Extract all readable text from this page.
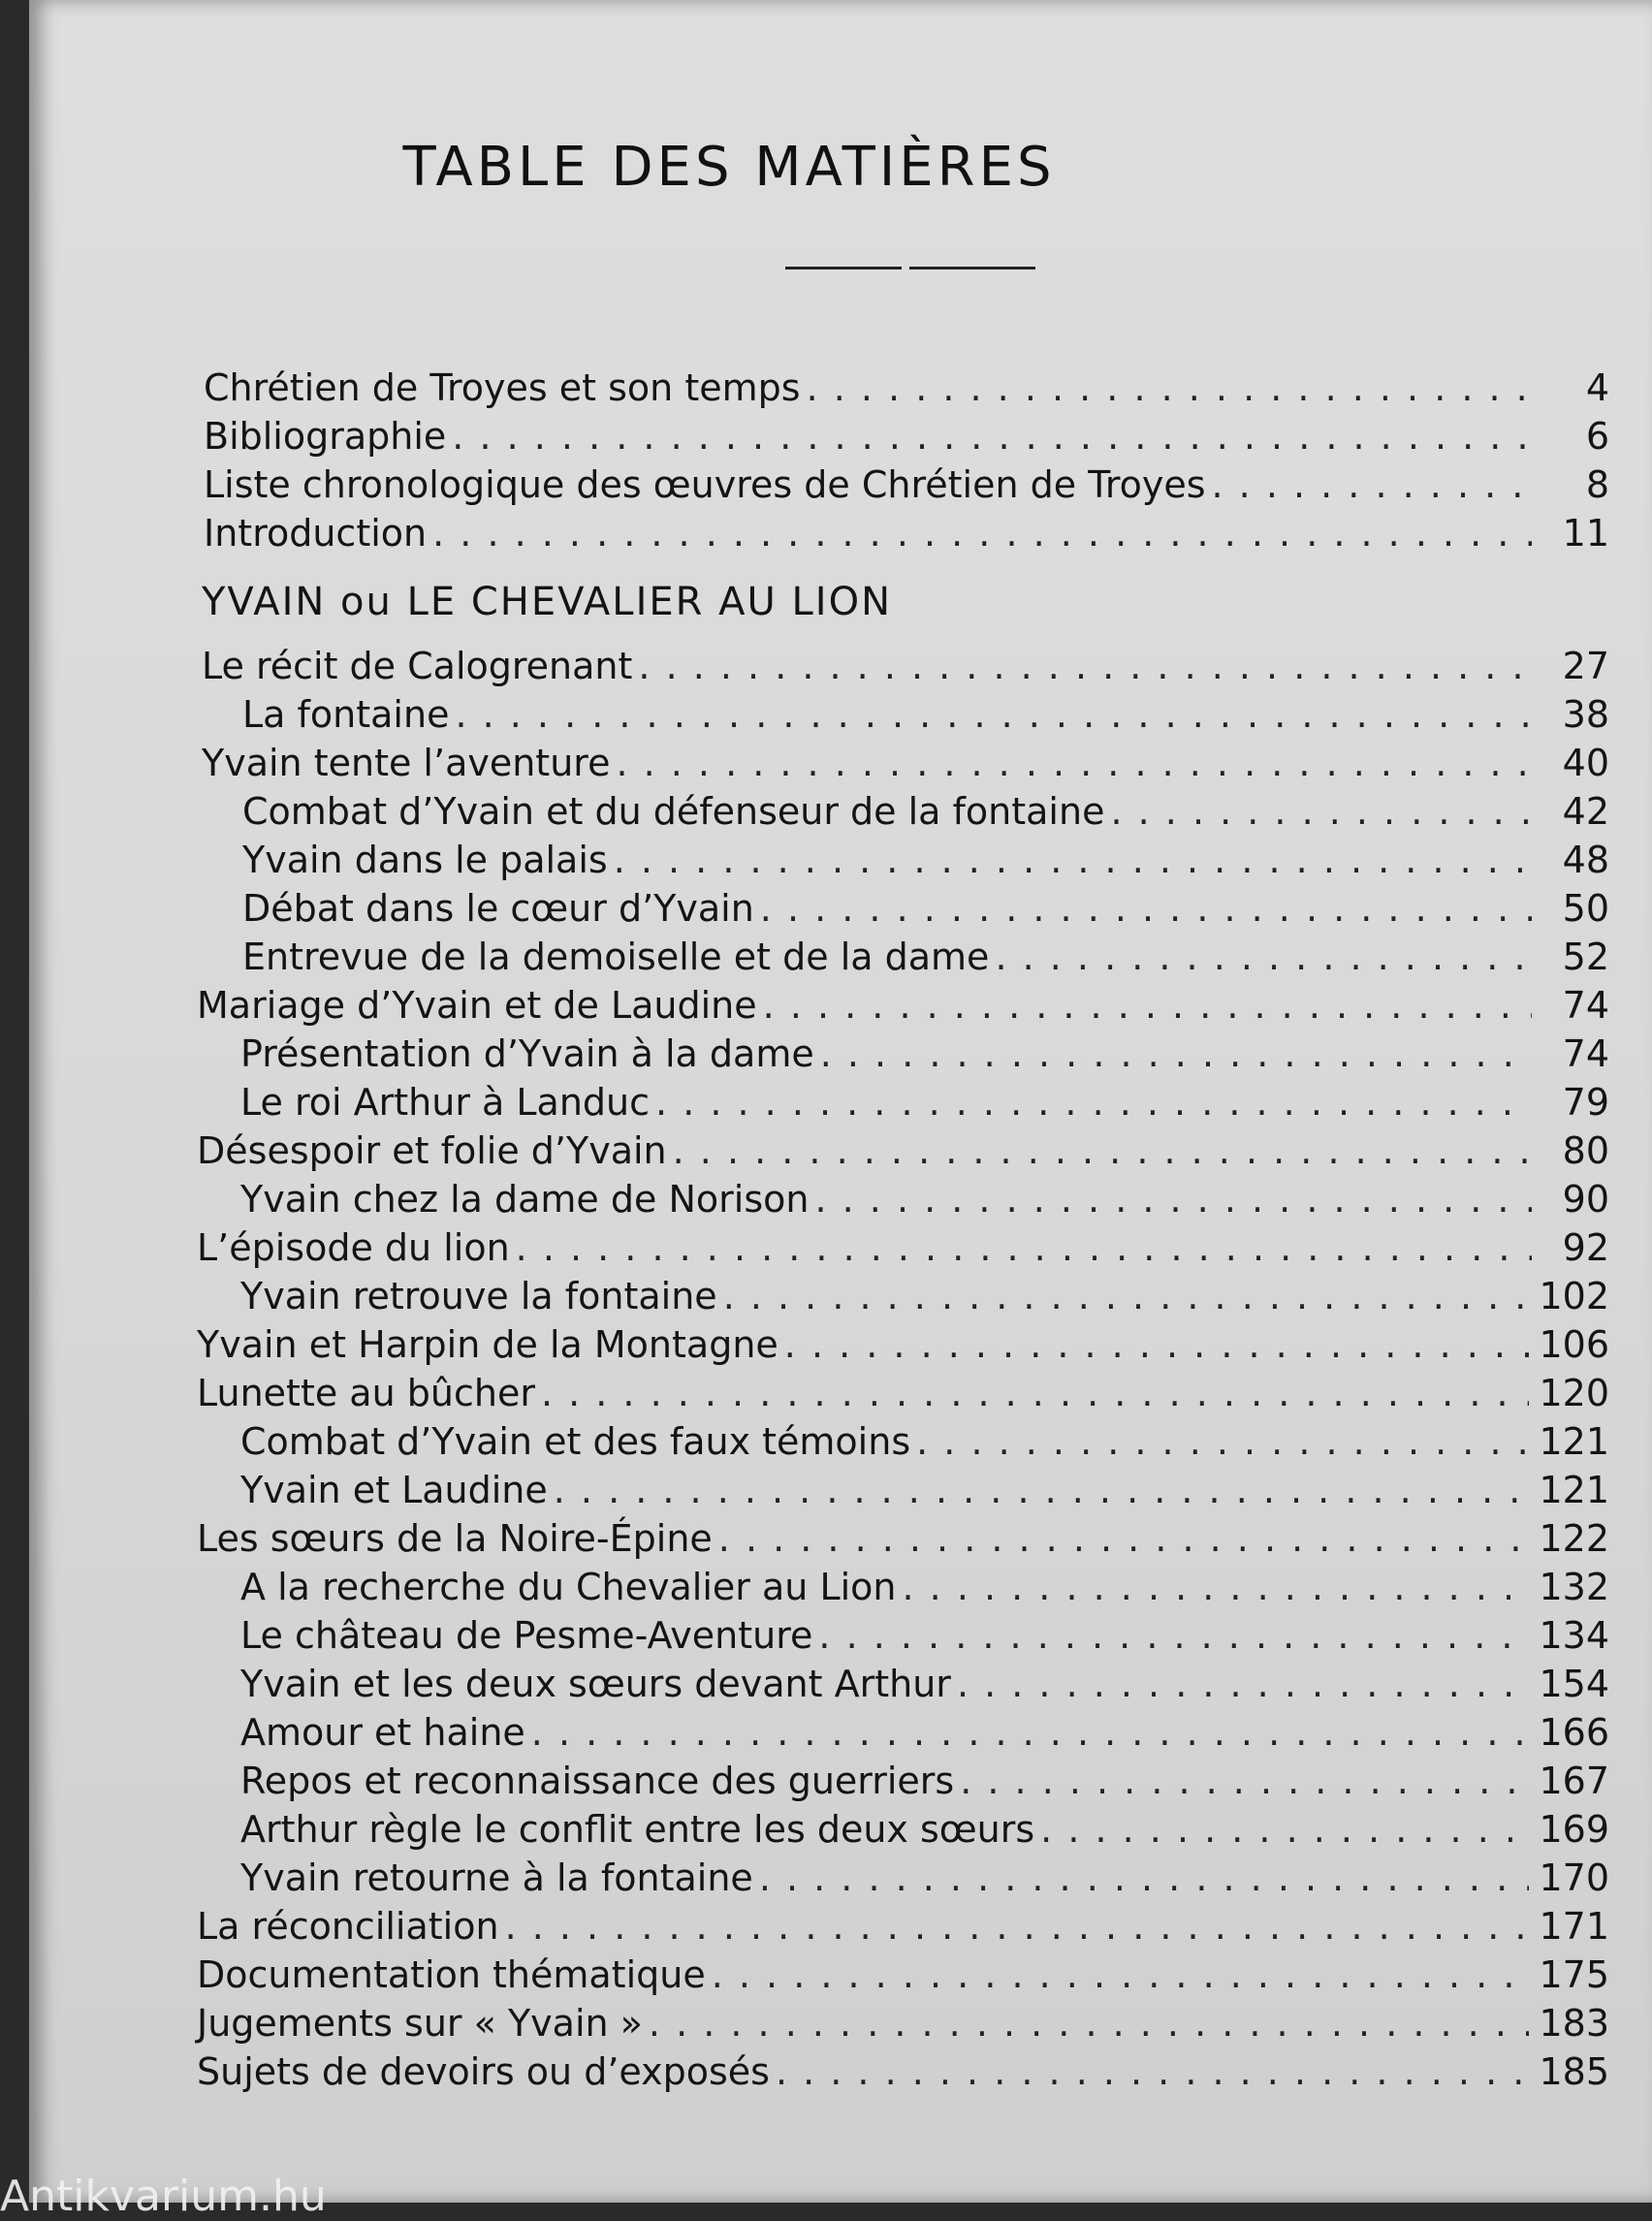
TABLE DES MATIÈRES
YVAIN ou LE CHEVALIER AU LION
Chrétien de Troyes et son temps . . .	4
Bibliographie . . .	6
Liste chronologique des œuvres de Chrétien de Troyes . . .	8
Introduction . . .	11
Le récit de Calogrenant . . .	27
La fontaine . . .	38
Yvain tente l’aventure . . .	40
Combat d’Yvain et du défenseur de la fontaine . . .	42
Yvain dans le palais . . .	48
Débat dans le cœur d’Yvain . . .	50
Entrevue de la demoiselle et de la dame . . .	52
Mariage d’Yvain et de Laudine . . .	74
Présentation d’Yvain à la dame . . .	74
Le roi Arthur à Landuc . . .	79
Désespoir et folie d’Yvain . . .	80
Yvain chez la dame de Norison . . .	90
L’épisode du lion . . .	92
Yvain retrouve la fontaine . . .	102
Yvain et Harpin de la Montagne . . .	106
Lunette au bûcher . . .	120
Combat d’Yvain et des faux témoins . . .	121
Yvain et Laudine . . .	121
Les sœurs de la Noire-Épine . . .	122
A la recherche du Chevalier au Lion . . .	132
Le château de Pesme-Aventure . . .	134
Yvain et les deux sœurs devant Arthur . . .	154
Amour et haine . . .	166
Repos et reconnaissance des guerriers . . .	167
Arthur règle le conflit entre les deux sœurs . . .	169
Yvain retourne à la fontaine . . .	170
La réconciliation . . .	171
Documentation thématique . . .	175
Jugements sur « Yvain » . . .	183
Sujets de devoirs ou d’exposés . . .	185
Antikvarium.hu
